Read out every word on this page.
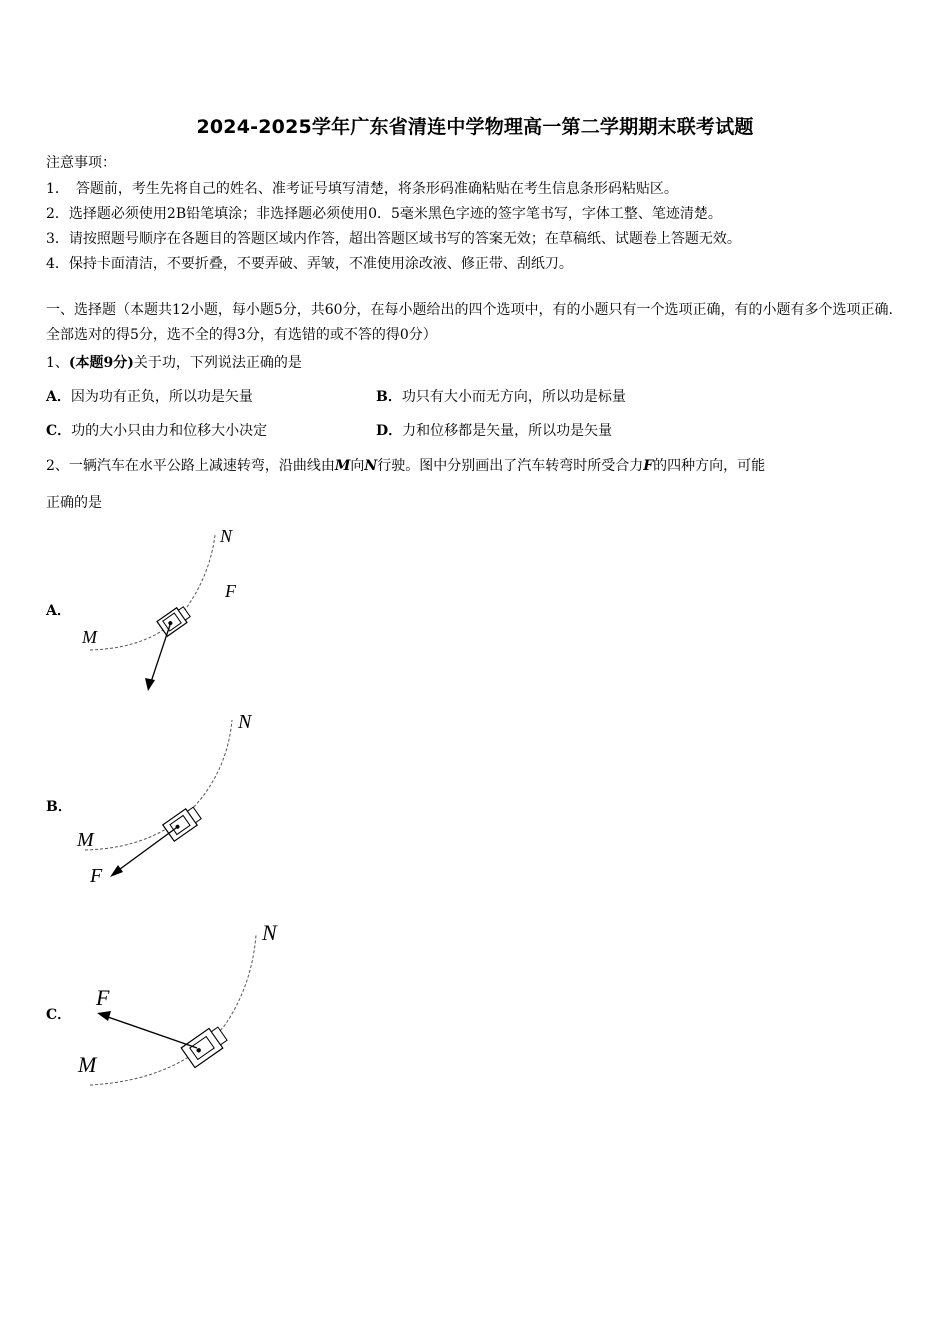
2024-2025学年广东省清连中学物理高一第二学期期末联考试题
注意事项：
1．　答题前，考生先将自己的姓名、准考证号填写清楚，将条形码准确粘贴在考生信息条形码粘贴区。
2．选择题必须使用2B铅笔填涂；非选择题必须使用0．5毫米黑色字迹的签字笔书写，字体工整、笔迹清楚。
3．请按照题号顺序在各题目的答题区域内作答，超出答题区域书写的答案无效；在草稿纸、试题卷上答题无效。
4．保持卡面清洁，不要折叠，不要弄破、弄皱，不准使用涂改液、修正带、刮纸刀。
一、选择题（本题共12小题，每小题5分，共60分，在每小题给出的四个选项中，有的小题只有一个选项正确，有的小题有多个选项正确.全部选对的得5分，选不全的得3分，有选错的或不答的得0分）
1、(本题9分)关于功，下列说法正确的是
A．因为功有正负，所以功是矢量	B．功只有大小而无方向，所以功是标量
C．功的大小只由力和位移大小决定	D．力和位移都是矢量，所以功是矢量
2、一辆汽车在水平公路上减速转弯，沿曲线由M向N行驶。图中分别画出了汽车转弯时所受合力F的四种方向，可能
正确的是
A．
N
F
M
B．
N
F
M
C．
N
F
M
